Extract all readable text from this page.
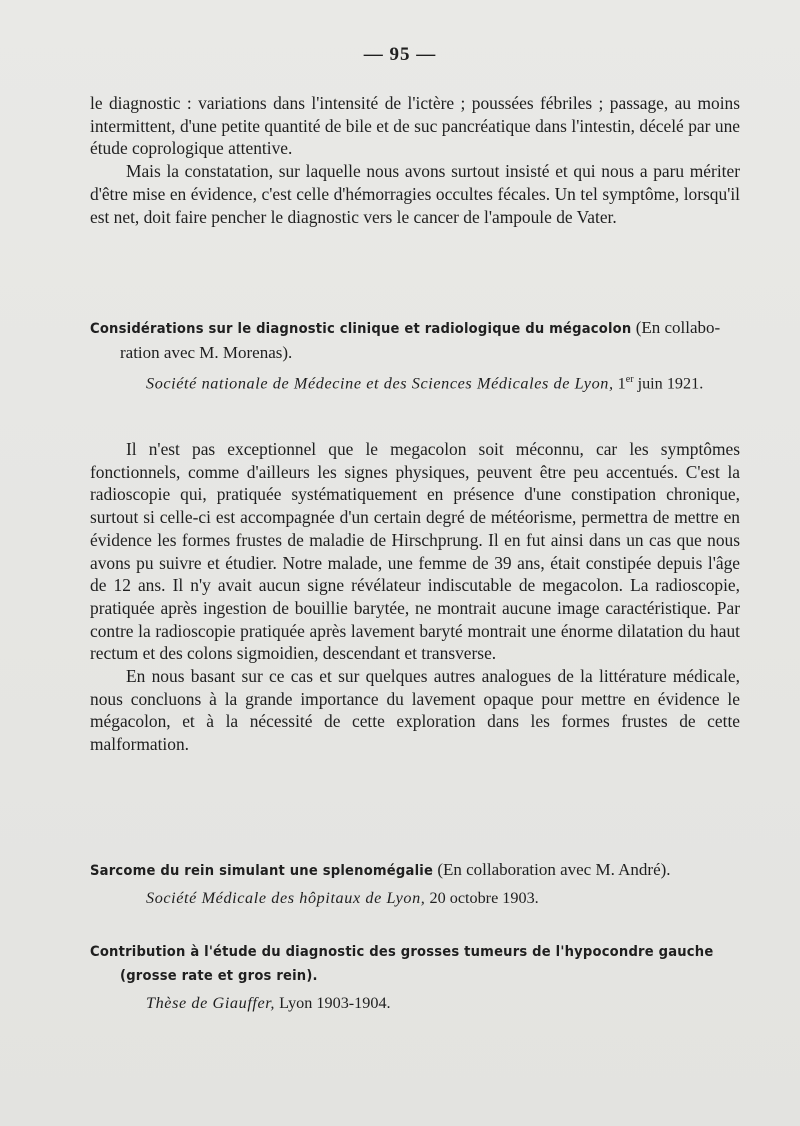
— 95 —

le diagnostic : variations dans l'intensité de l'ictère ; poussées fébriles ; passage, au moins intermittent, d'une petite quantité de bile et de suc pancréatique dans l'intestin, décelé par une étude coprologique attentive.

Mais la constatation, sur laquelle nous avons surtout insisté et qui nous a paru mériter d'être mise en évidence, c'est celle d'hémorragies occultes fécales. Un tel symptôme, lorsqu'il est net, doit faire pencher le diagnostic vers le cancer de l'ampoule de Vater.

Considérations sur le diagnostic clinique et radiologique du mégacolon (En collabo-
ration avec M. Morenas).
Société nationale de Médecine et des Sciences Médicales de Lyon, 1er juin 1921.

Il n'est pas exceptionnel que le megacolon soit méconnu, car les symptômes fonctionnels, comme d'ailleurs les signes physiques, peuvent être peu accentués. C'est la radioscopie qui, pratiquée systématiquement en présence d'une constipation chronique, surtout si celle-ci est accompagnée d'un certain degré de météorisme, permettra de mettre en évidence les formes frustes de maladie de Hirschprung. Il en fut ainsi dans un cas que nous avons pu suivre et étudier. Notre malade, une femme de 39 ans, était constipée depuis l'âge de 12 ans. Il n'y avait aucun signe révélateur indiscutable de megacolon. La radioscopie, pratiquée après ingestion de bouillie barytée, ne montrait aucune image caractéristique. Par contre la radioscopie pratiquée après lavement baryté montrait une énorme dilatation du haut rectum et des colons sigmoidien, descendant et transverse.

En nous basant sur ce cas et sur quelques autres analogues de la littérature médicale, nous concluons à la grande importance du lavement opaque pour mettre en évidence le mégacolon, et à la nécessité de cette exploration dans les formes frustes de cette malformation.

Sarcome du rein simulant une splenomégalie (En collaboration avec M. André).
Société Médicale des hôpitaux de Lyon, 20 octobre 1903.
Contribution à l'étude du diagnostic des grosses tumeurs de l'hypocondre gauche
(grosse rate et gros rein).
Thèse de Giauffer, Lyon 1903-1904.
